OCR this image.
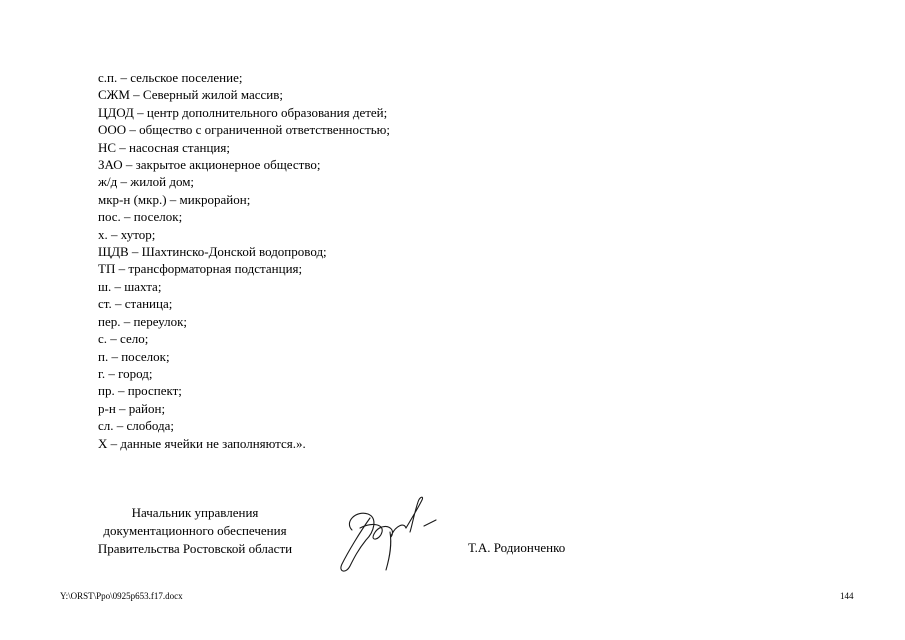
с.п. – сельское поселение;
СЖМ – Северный жилой массив;
ЦДОД – центр дополнительного образования детей;
ООО – общество с ограниченной ответственностью;
НС – насосная станция;
ЗАО – закрытое акционерное общество;
ж/д – жилой дом;
мкр-н (мкр.) – микрорайон;
пос. – поселок;
х. – хутор;
ЩДВ – Шахтинско-Донской водопровод;
ТП – трансформаторная подстанция;
ш. – шахта;
ст. – станица;
пер. – переулок;
с. – село;
п. – поселок;
г. – город;
пр. – проспект;
р-н – район;
сл. – слобода;
Х – данные ячейки не заполняются.».
Начальник управления
документационного обеспечения
Правительства Ростовской области	Т.А. Родионченко
Y:\ORST\Ppo\0925p653.f17.docx	144
